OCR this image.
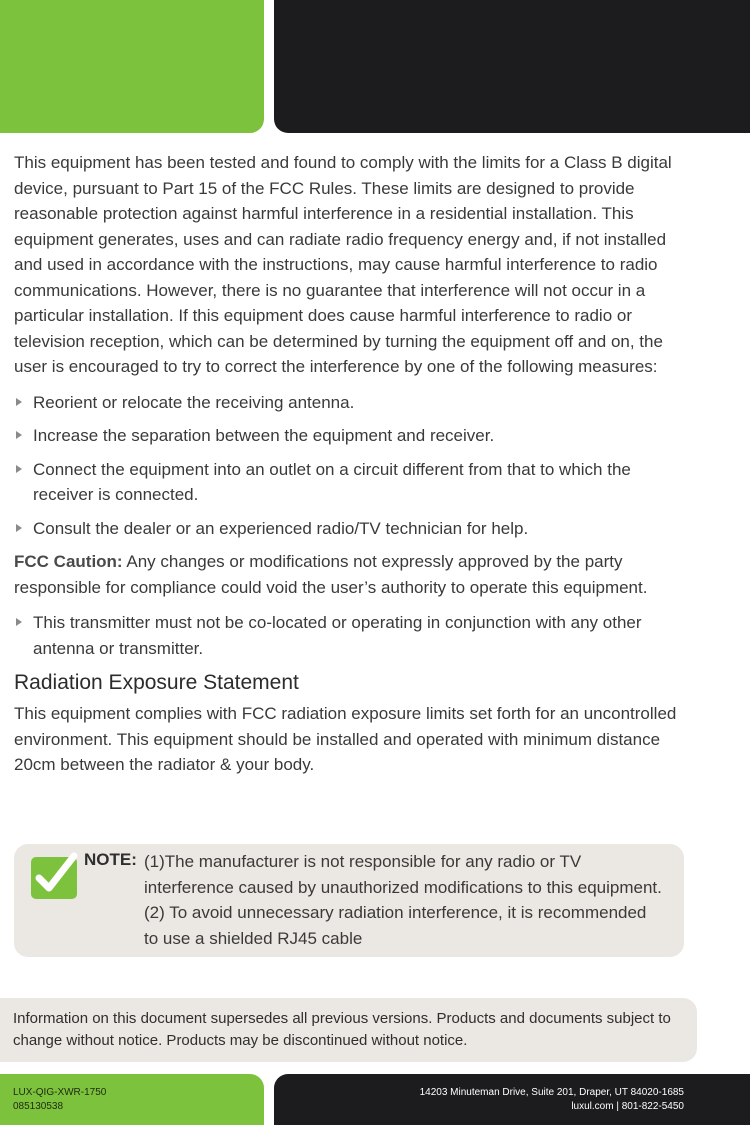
This equipment has been tested and found to comply with the limits for a Class B digital device, pursuant to Part 15 of the FCC Rules. These limits are designed to provide reasonable protection against harmful interference in a residential installation. This equipment generates, uses and can radiate radio frequency energy and, if not installed and used in accordance with the instructions, may cause harmful interference to radio communications. However, there is no guarantee that interference will not occur in a particular installation. If this equipment does cause harmful interference to radio or television reception, which can be determined by turning the equipment off and on, the user is encouraged to try to correct the interference by one of the following measures:

Reorient or relocate the receiving antenna.
Increase the separation between the equipment and receiver.
Connect the equipment into an outlet on a circuit different from that to which the receiver is connected.
Consult the dealer or an experienced radio/TV technician for help.

FCC Caution: Any changes or modifications not expressly approved by the party responsible for compliance could void the user’s authority to operate this equipment.

This transmitter must not be co-located or operating in conjunction with any other antenna or transmitter.
Radiation Exposure Statement

This equipment complies with FCC radiation exposure limits set forth for an uncontrolled environment. This equipment should be installed and operated with minimum distance 20cm between the radiator & your body.

NOTE: (1)The manufacturer is not responsible for any radio or TV interference caused by unauthorized modifications to this equipment.(2) To avoid unnecessary radiation interference, it is recommended to use a shielded RJ45 cable
Information on this document supersedes all previous versions. Products and documents subject to change without notice. Products may be discontinued without notice.
LUX-QIG-XWR-1750
085130538
14203 Minuteman Drive, Suite 201, Draper, UT 84020-1685
luxul.com | 801-822-5450
